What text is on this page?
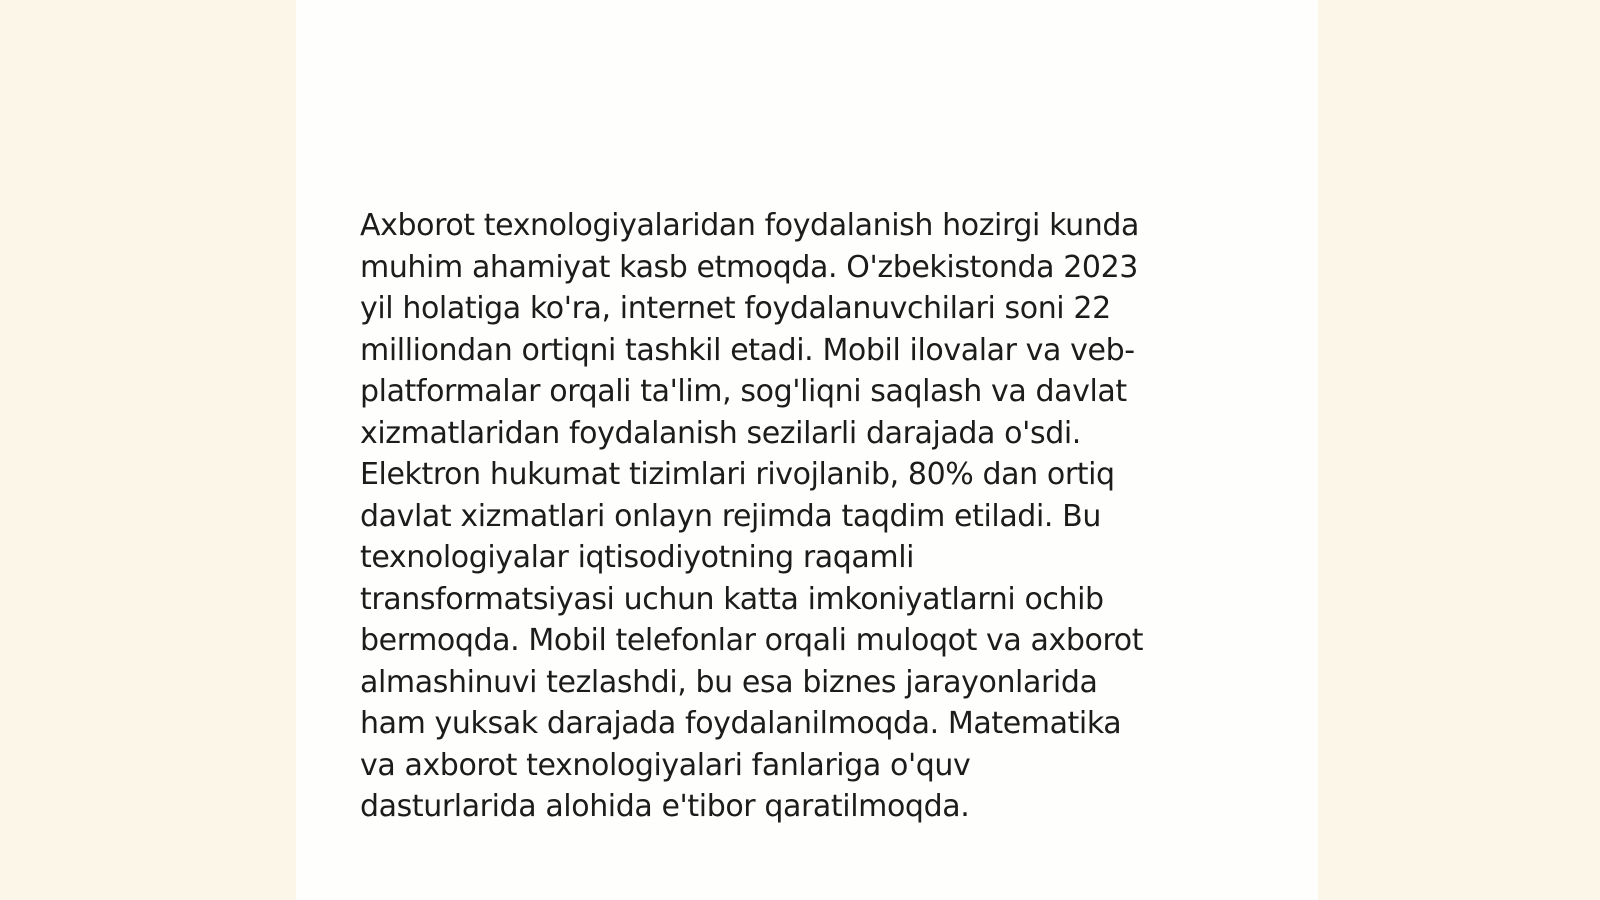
Axborot texnologiyalaridan foydalanish hozirgi kunda
muhim ahamiyat kasb etmoqda. O'zbekistonda 2023
yil holatiga ko'ra, internet foydalanuvchilari soni 22
milliondan ortiqni tashkil etadi. Mobil ilovalar va veb-
platformalar orqali ta'lim, sog'liqni saqlash va davlat
xizmatlaridan foydalanish sezilarli darajada o'sdi.
Elektron hukumat tizimlari rivojlanib, 80% dan ortiq
davlat xizmatlari onlayn rejimda taqdim etiladi. Bu
texnologiyalar iqtisodiyotning raqamli
transformatsiyasi uchun katta imkoniyatlarni ochib
bermoqda. Mobil telefonlar orqali muloqot va axborot
almashinuvi tezlashdi, bu esa biznes jarayonlarida
ham yuksak darajada foydalanilmoqda. Matematika
va axborot texnologiyalari fanlariga o'quv
dasturlarida alohida e'tibor qaratilmoqda.
